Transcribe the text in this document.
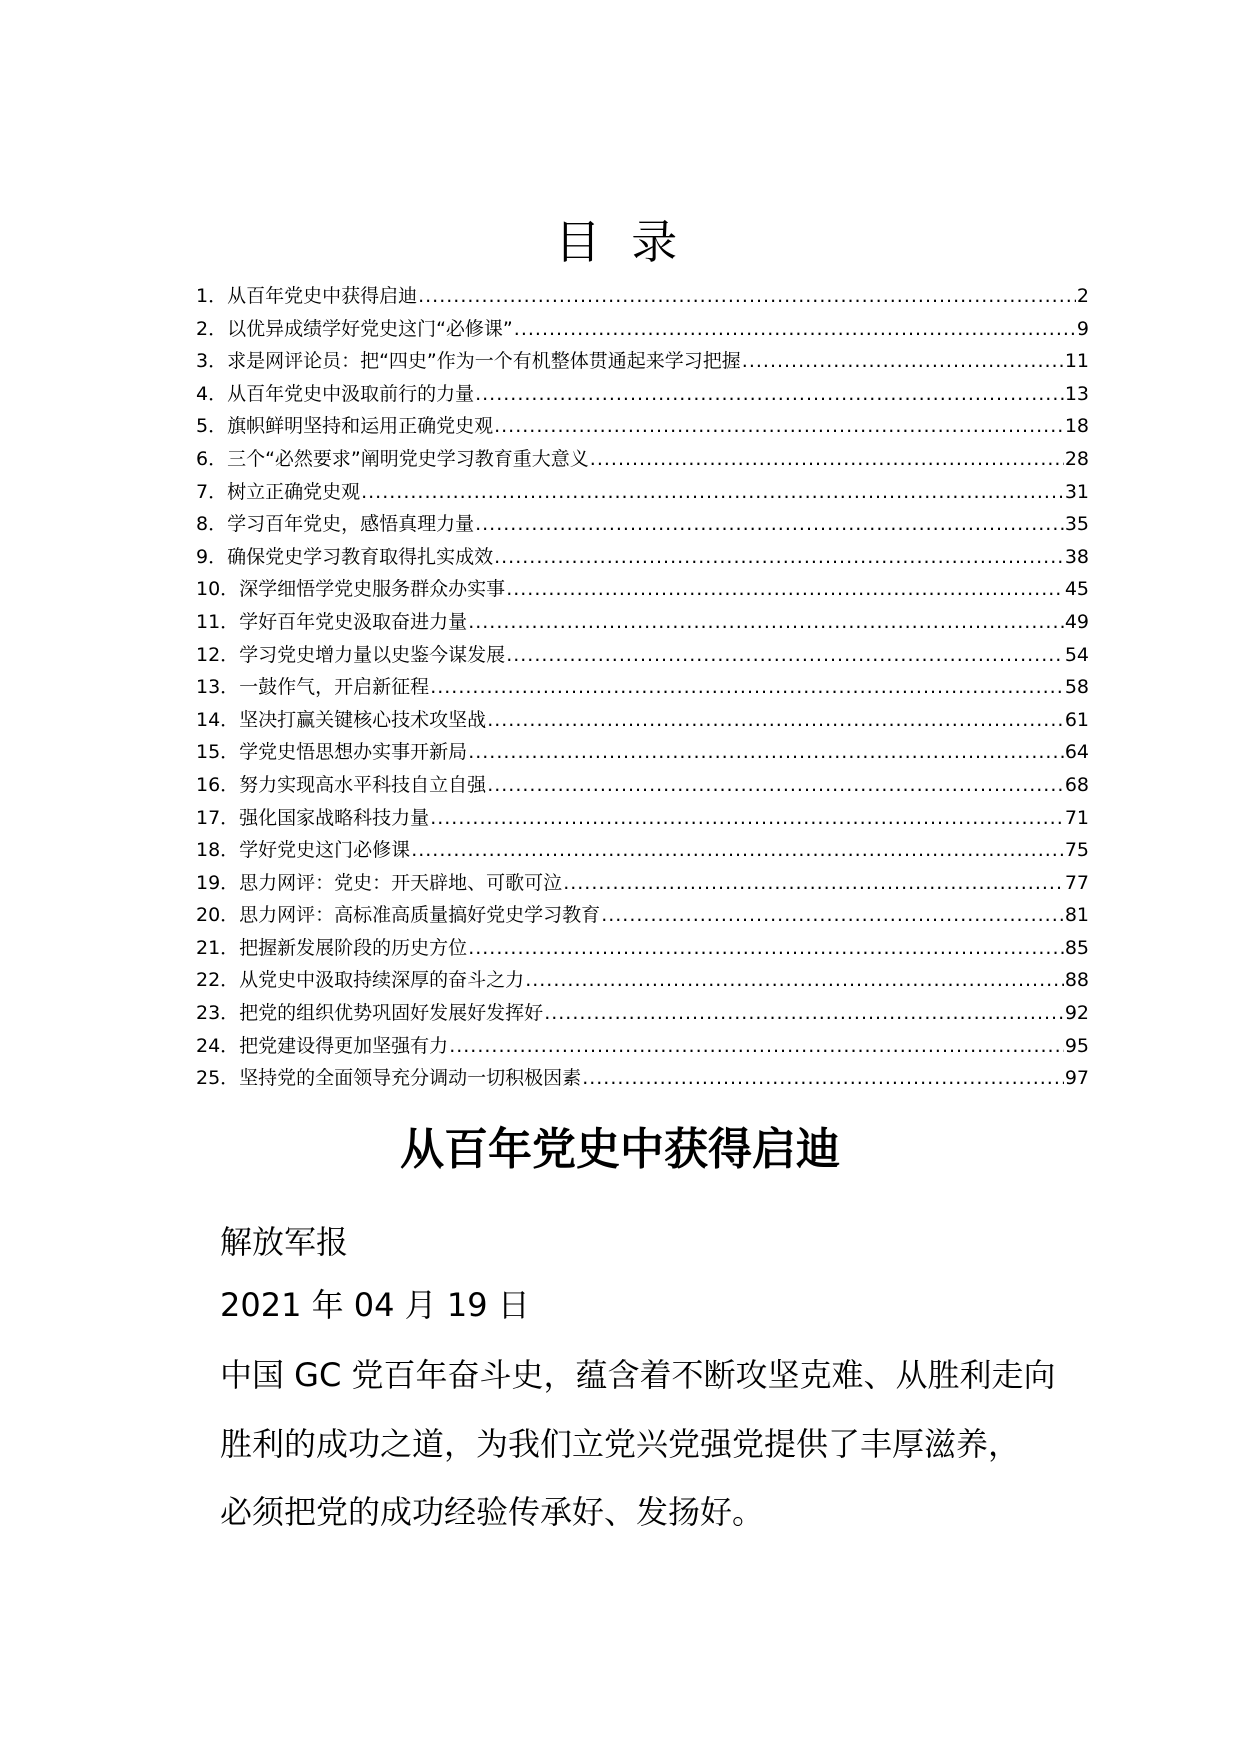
目 录
1．从百年党史中获得启迪 .....	2
2．以优异成绩学好党史这门“必修课” .....	9
3．求是网评论员：把“四史”作为一个有机整体贯通起来学习把握 .....	11
4．从百年党史中汲取前行的力量 .....	13
5．旗帜鲜明坚持和运用正确党史观 .....	18
6．三个“必然要求”阐明党史学习教育重大意义 .....	28
7．树立正确党史观 .....	31
8．学习百年党史，感悟真理力量 .....	35
9．确保党史学习教育取得扎实成效 .....	38
10．深学细悟学党史服务群众办实事 .....	45
11．学好百年党史汲取奋进力量 .....	49
12．学习党史增力量以史鉴今谋发展 .....	54
13．一鼓作气，开启新征程 .....	58
14．坚决打赢关键核心技术攻坚战 .....	61
15．学党史悟思想办实事开新局 .....	64
16．努力实现高水平科技自立自强 .....	68
17．强化国家战略科技力量 .....	71
18．学好党史这门必修课 .....	75
19．思力网评：党史：开天辟地、可歌可泣 .....	77
20．思力网评：高标准高质量搞好党史学习教育 .....	81
21．把握新发展阶段的历史方位 .....	85
22．从党史中汲取持续深厚的奋斗之力 .....	88
23．把党的组织优势巩固好发展好发挥好 .....	92
24．把党建设得更加坚强有力 .....	95
25．坚持党的全面领导充分调动一切积极因素 .....	97
从百年党史中获得启迪

解放军报

2021 年 04 月 19 日

中国 GC 党百年奋斗史，蕴含着不断攻坚克难、从胜利走向

胜利的成功之道，为我们立党兴党强党提供了丰厚滋养，

必须把党的成功经验传承好、发扬好。
